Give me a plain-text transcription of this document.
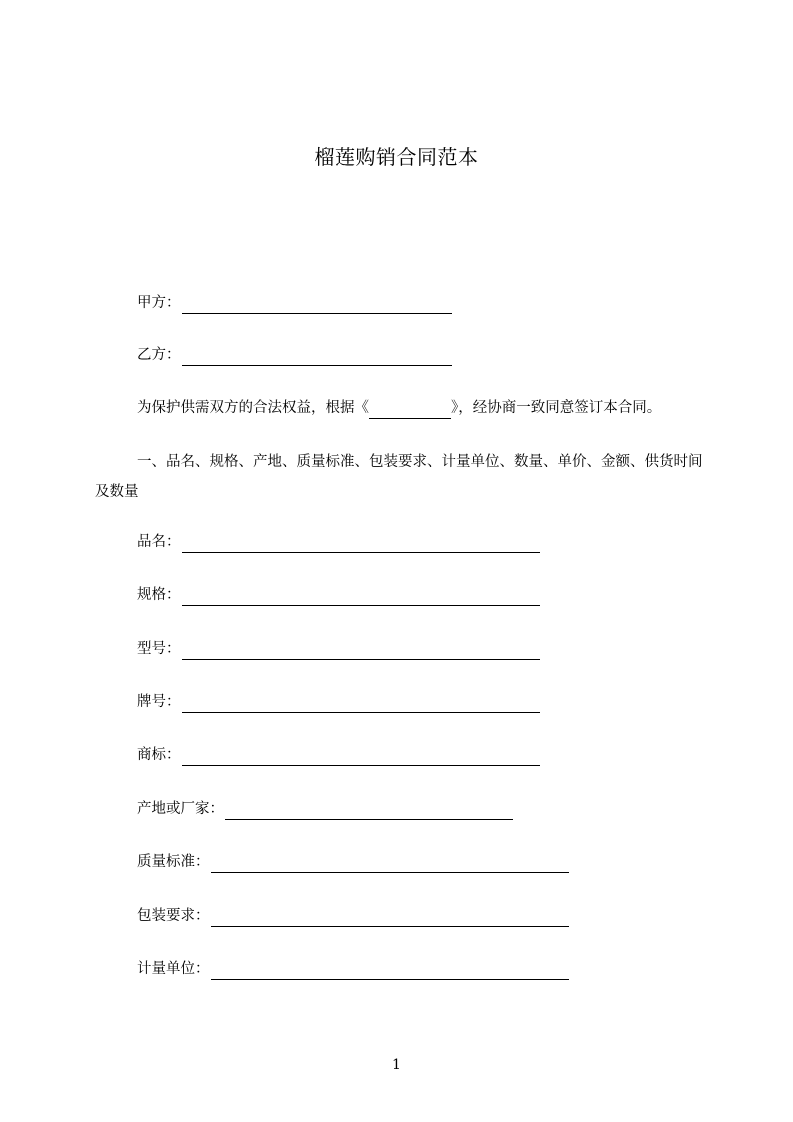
榴莲购销合同范本
甲方：
乙方：
为保护供需双方的合法权益，根据《	》，经协商一致同意签订本合同。
一、品名、规格、产地、质量标准、包装要求、计量单位、数量、单价、金额、供货时间及数量
品名：
规格：
型号：
牌号：
商标：
产地或厂家：
质量标准：
包装要求：
计量单位：
1
